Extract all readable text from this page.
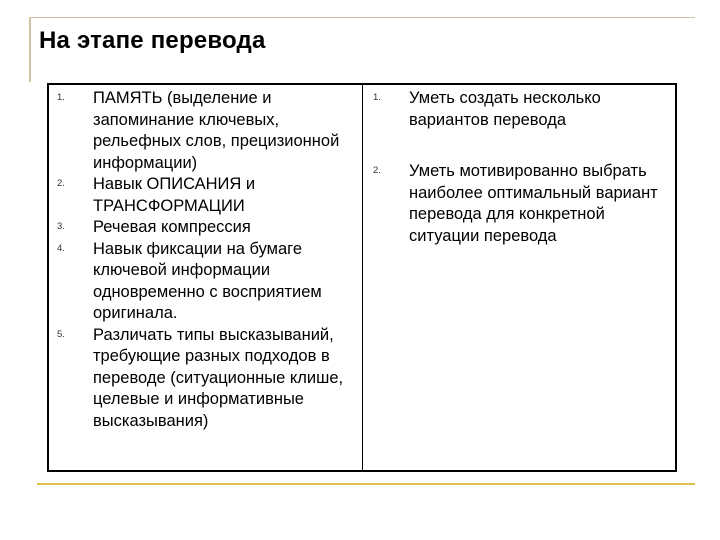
На этапе перевода
1. ПАМЯТЬ (выделение и запоминание ключевых, рельефных слов, прецизионной информации)
2. Навык ОПИСАНИЯ и ТРАНСФОРМАЦИИ
3. Речевая компрессия
4. Навык фиксации на бумаге ключевой информации одновременно с восприятием оригинала.
5. Различать типы высказываний, требующие разных подходов в переводе (ситуационные клише, целевые и информативные высказывания)
1. Уметь создать несколько вариантов перевода
2. Уметь мотивированно выбрать наиболее оптимальный вариант перевода для конкретной ситуации перевода
